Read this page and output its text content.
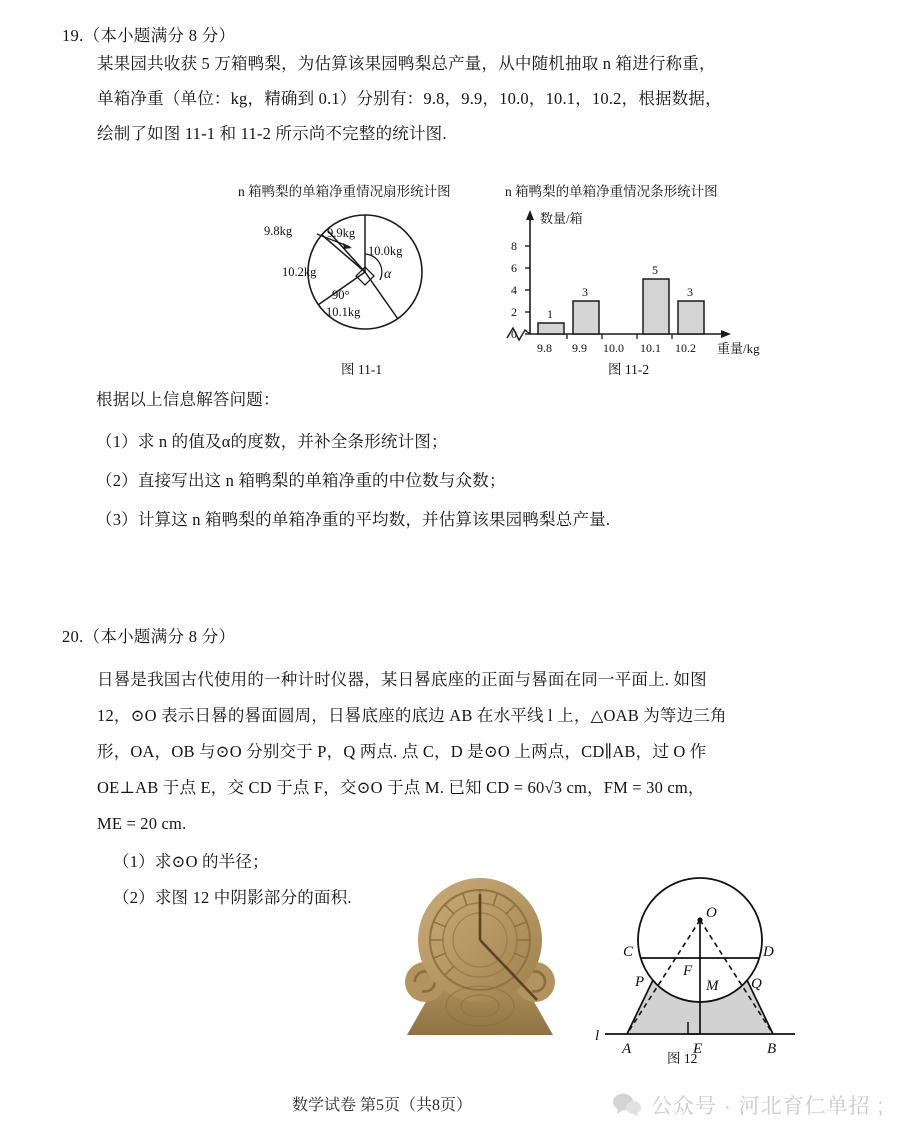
19.（本小题满分 8 分）
某果园共收获 5 万箱鸭梨，为估算该果园鸭梨总产量，从中随机抽取 n 箱进行称重，
单箱净重（单位：kg，精确到 0.1）分别有：9.8，9.9，10.0，10.1，10.2，根据数据，
绘制了如图 11-1 和 11-2 所示尚不完整的统计图.
n 箱鸭梨的单箱净重情况扇形统计图	n 箱鸭梨的单箱净重情况条形统计图
10.0kg
9.9kg
9.8kg
10.2kg
10.1kg
α
90°
图 11-1
数量/箱
0
2
4
6
8
1
3
5
3
9.8 9.9 10.0 10.1 10.2 重量/kg
图 11-2
根据以上信息解答问题：
（1）求 n 的值及α的度数，并补全条形统计图；
（2）直接写出这 n 箱鸭梨的单箱净重的中位数与众数；
（3）计算这 n 箱鸭梨的单箱净重的平均数，并估算该果园鸭梨总产量.
20.（本小题满分 8 分）
日晷是我国古代使用的一种计时仪器，某日晷底座的正面与晷面在同一平面上. 如图
12，⊙O 表示日晷的晷面圆周，日晷底座的底边 AB 在水平线 l 上，△OAB 为等边三角
形，OA，OB 与⊙O 分别交于 P，Q 两点. 点 C，D 是⊙O 上两点，CD∥AB，过 O 作
OE⊥AB 于点 E，交 CD 于点 F，交⊙O 于点 M. 已知 CD = 60√3 cm，FM = 30 cm，
ME = 20 cm.
（1）求⊙O 的半径；
（2）求图 12 中阴影部分的面积.
O
C	D
F
M
P	Q
l
A	E	B
图 12
数学试卷 第5页（共8页）	公众号 · 河北育仁单招 ;
